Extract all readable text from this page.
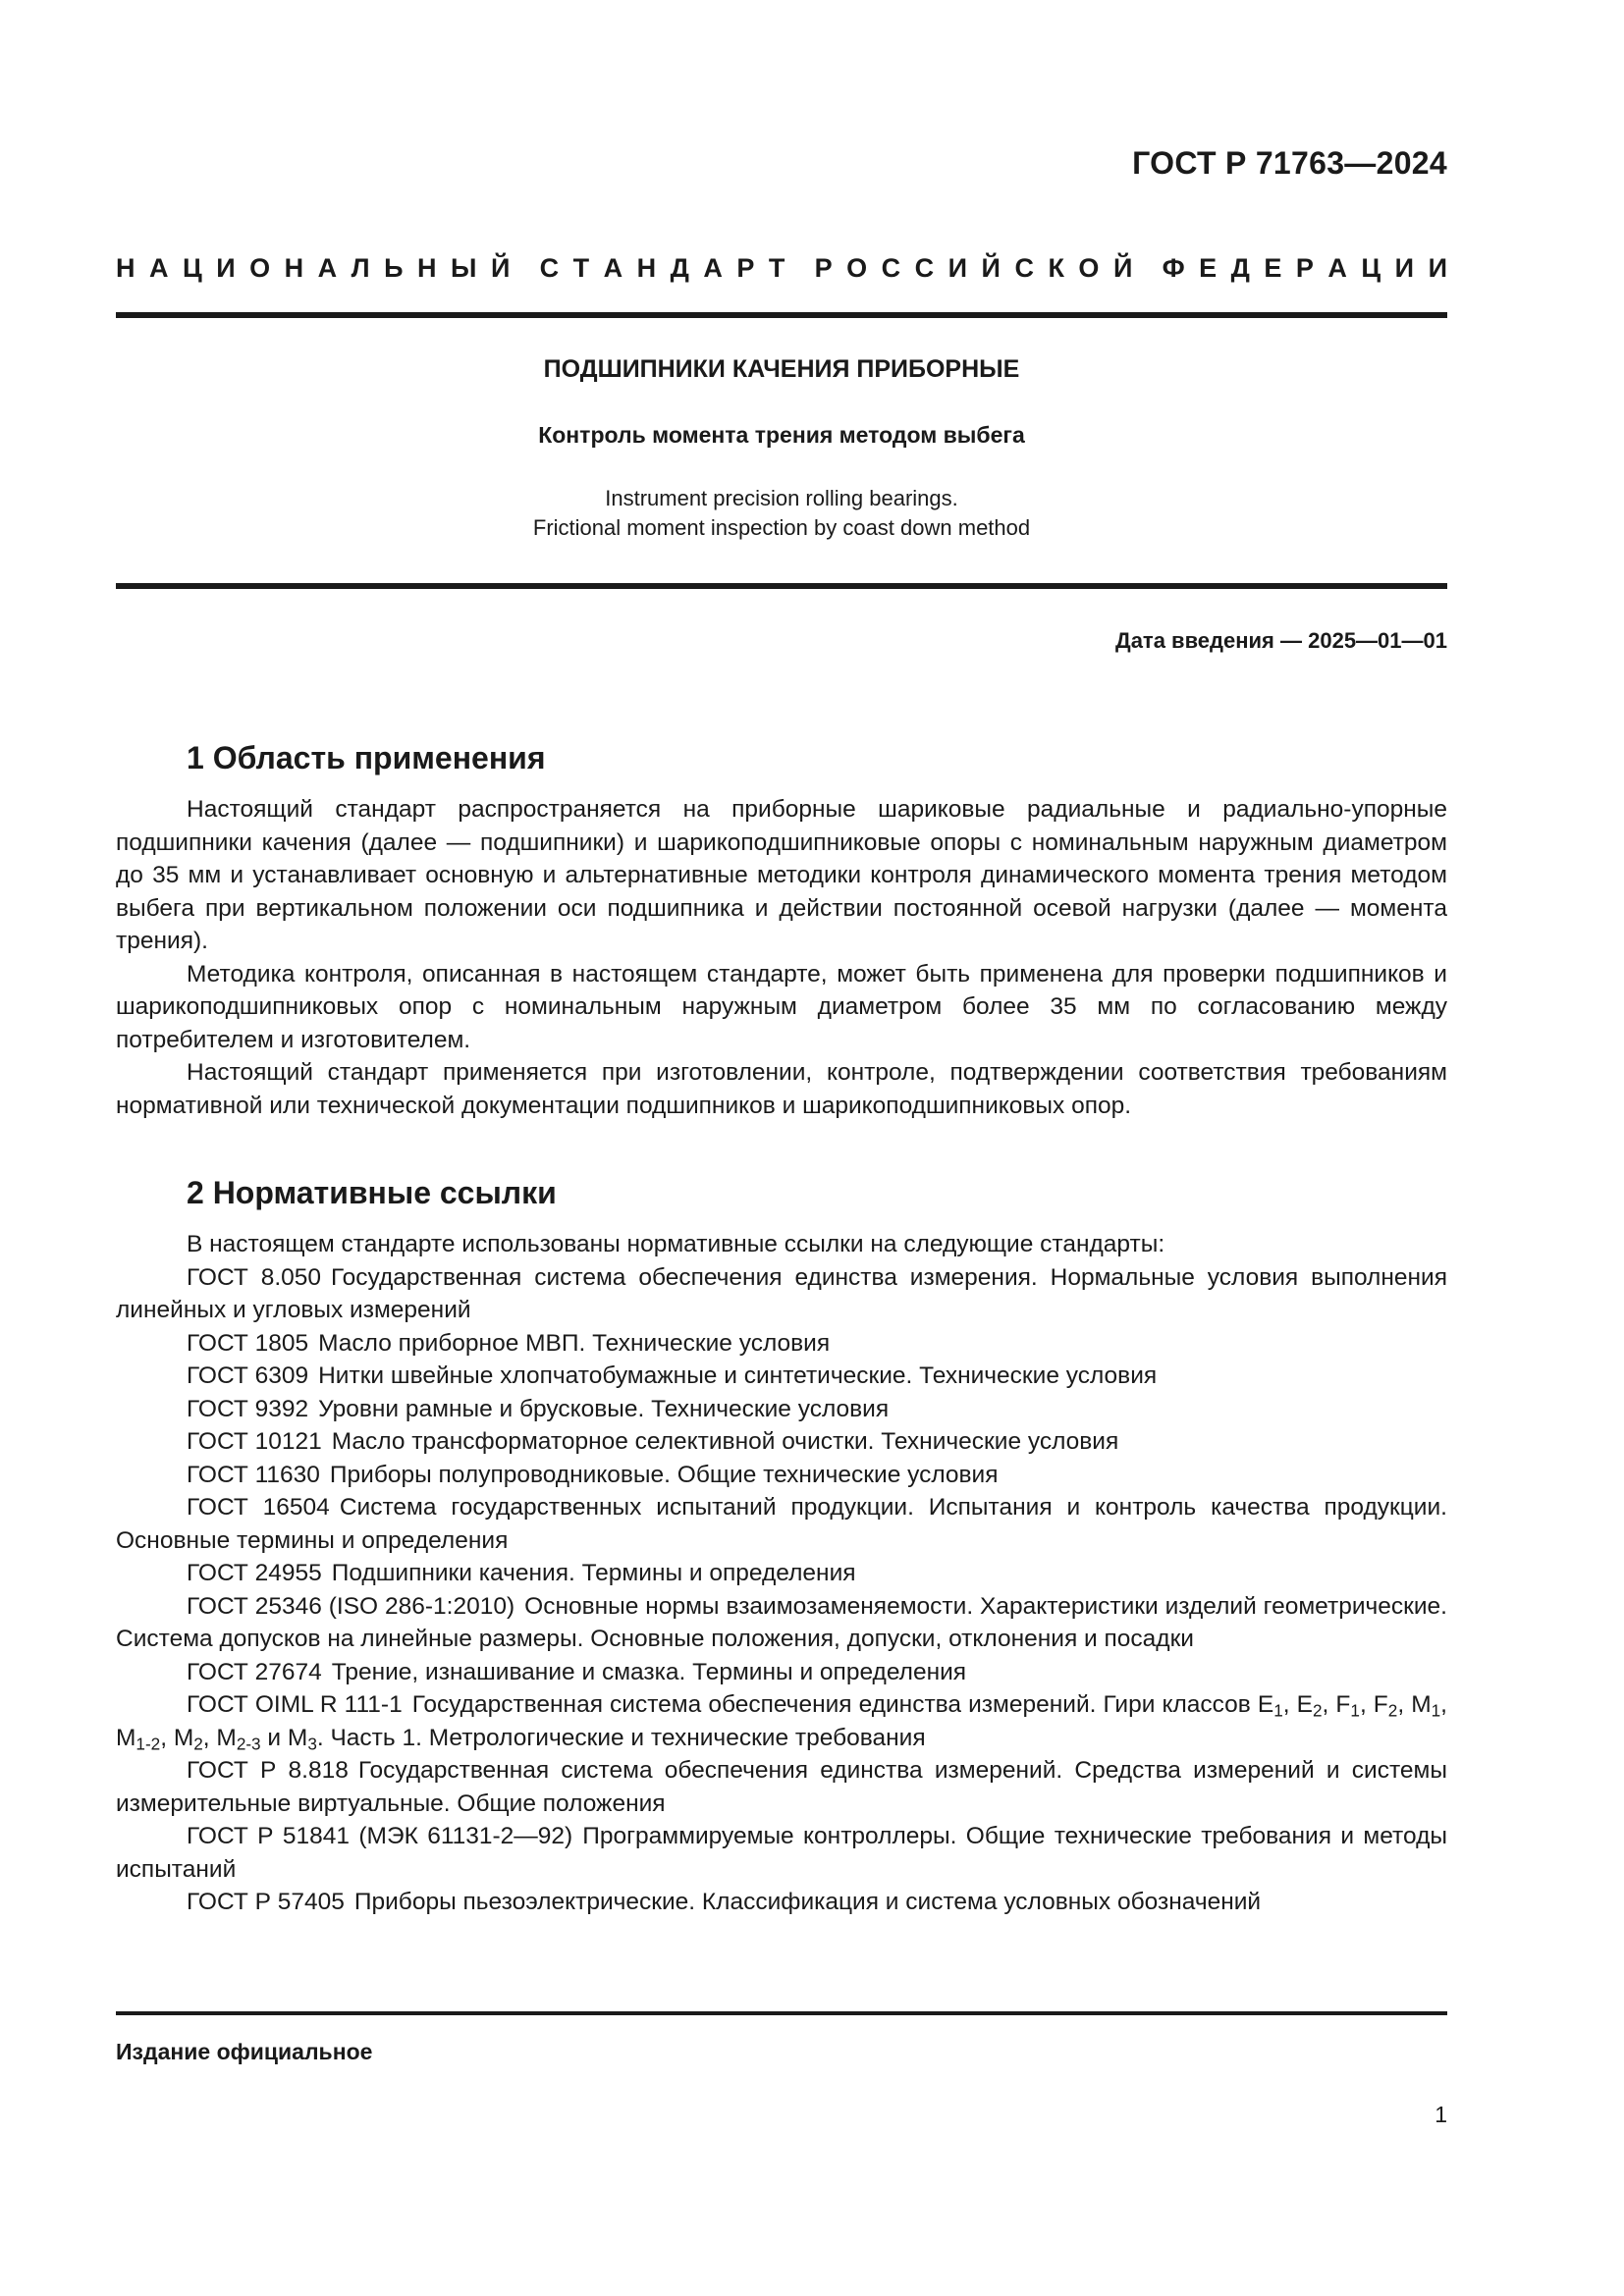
ГОСТ Р 71763—2024
Н А Ц И О Н А Л Ь Н Ы Й С Т А Н Д А Р Т Р О С С И Й С К О Й Ф Е Д Е Р А Ц И И
ПОДШИПНИКИ КАЧЕНИЯ ПРИБОРНЫЕ
Контроль момента трения методом выбега
Instrument precision rolling bearings.
Frictional moment inspection by coast down method
Дата введения — 2025—01—01
1 Область применения

Настоящий стандарт распространяется на приборные шариковые радиальные и радиально-упорные подшипники качения (далее — подшипники) и шарикоподшипниковые опоры с номинальным наружным диаметром до 35 мм и устанавливает основную и альтернативные методики контроля динамического момента трения методом выбега при вертикальном положении оси подшипника и действии постоянной осевой нагрузки (далее — момента трения).

Методика контроля, описанная в настоящем стандарте, может быть применена для проверки подшипников и шарикоподшипниковых опор с номинальным наружным диаметром более 35 мм по согласованию между потребителем и изготовителем.

Настоящий стандарт применяется при изготовлении, контроле, подтверждении соответствия требованиям нормативной или технической документации подшипников и шарикоподшипниковых опор.

2 Нормативные ссылки

В настоящем стандарте использованы нормативные ссылки на следующие стандарты:

ГОСТ 8.050 Государственная система обеспечения единства измерения. Нормальные условия выполнения линейных и угловых измерений

ГОСТ 1805 Масло приборное МВП. Технические условия

ГОСТ 6309 Нитки швейные хлопчатобумажные и синтетические. Технические условия

ГОСТ 9392 Уровни рамные и брусковые. Технические условия

ГОСТ 10121 Масло трансформаторное селективной очистки. Технические условия

ГОСТ 11630 Приборы полупроводниковые. Общие технические условия

ГОСТ 16504 Система государственных испытаний продукции. Испытания и контроль качества продукции. Основные термины и определения

ГОСТ 24955 Подшипники качения. Термины и определения

ГОСТ 25346 (ISO 286-1:2010) Основные нормы взаимозаменяемости. Характеристики изделий геометрические. Система допусков на линейные размеры. Основные положения, допуски, отклонения и посадки

ГОСТ 27674 Трение, изнашивание и смазка. Термины и определения

ГОСТ OIML R 111-1 Государственная система обеспечения единства измерений. Гири классов $E_1$, $E_2$, $F_1$, $F_2$, $M_1$, $M_{1-2}$, $M_2$, $M_{2-3}$ и $M_3$. Часть 1. Метрологические и технические требования

ГОСТ Р 8.818 Государственная система обеспечения единства измерений. Средства измерений и системы измерительные виртуальные. Общие положения

ГОСТ Р 51841 (МЭК 61131-2—92) Программируемые контроллеры. Общие технические требования и методы испытаний

ГОСТ Р 57405 Приборы пьезоэлектрические. Классификация и система условных обозначений

Издание официальное
1
